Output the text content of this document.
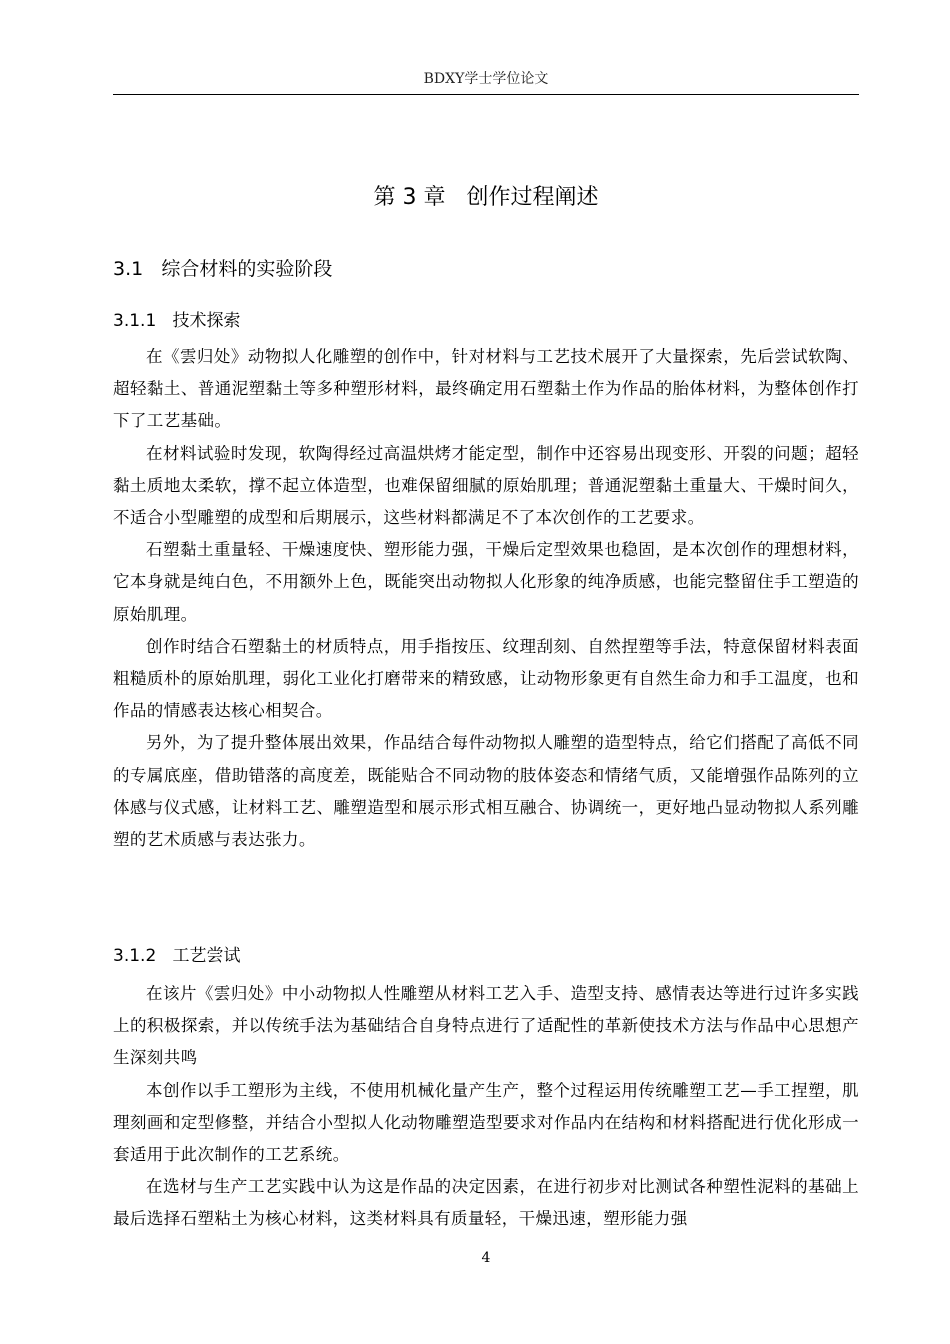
BDXY学士学位论文
第 3 章   创作过程阐述
3.1   综合材料的实验阶段
3.1.1   技术探索

在《雲归处》动物拟人化雕塑的创作中，针对材料与工艺技术展开了大量探索，先后尝试软陶、超轻黏土、普通泥塑黏土等多种塑形材料，最终确定用石塑黏土作为作品的胎体材料，为整体创作打下了工艺基础。

在材料试验时发现，软陶得经过高温烘烤才能定型，制作中还容易出现变形、开裂的问题；超轻黏土质地太柔软，撑不起立体造型，也难保留细腻的原始肌理；普通泥塑黏土重量大、干燥时间久，不适合小型雕塑的成型和后期展示，这些材料都满足不了本次创作的工艺要求。

石塑黏土重量轻、干燥速度快、塑形能力强，干燥后定型效果也稳固，是本次创作的理想材料，它本身就是纯白色，不用额外上色，既能突出动物拟人化形象的纯净质感，也能完整留住手工塑造的原始肌理。

创作时结合石塑黏土的材质特点，用手指按压、纹理刮刻、自然捏塑等手法，特意保留材料表面粗糙质朴的原始肌理，弱化工业化打磨带来的精致感，让动物形象更有自然生命力和手工温度，也和作品的情感表达核心相契合。

另外，为了提升整体展出效果，作品结合每件动物拟人雕塑的造型特点，给它们搭配了高低不同的专属底座，借助错落的高度差，既能贴合不同动物的肢体姿态和情绪气质，又能增强作品陈列的立体感与仪式感，让材料工艺、雕塑造型和展示形式相互融合、协调统一，更好地凸显动物拟人系列雕塑的艺术质感与表达张力。

3.1.2   工艺尝试

在该片《雲归处》中小动物拟人性雕塑从材料工艺入手、造型支持、感情表达等进行过许多实践上的积极探索，并以传统手法为基础结合自身特点进行了适配性的革新使技术方法与作品中心思想产生深刻共鸣

本创作以手工塑形为主线，不使用机械化量产生产，整个过程运用传统雕塑工艺—手工捏塑，肌理刻画和定型修整，并结合小型拟人化动物雕塑造型要求对作品内在结构和材料搭配进行优化形成一套适用于此次制作的工艺系统。

在选材与生产工艺实践中认为这是作品的决定因素，在进行初步对比测试各种塑性泥料的基础上最后选择石塑粘土为核心材料，这类材料具有质量轻，干燥迅速，塑形能力强

4
